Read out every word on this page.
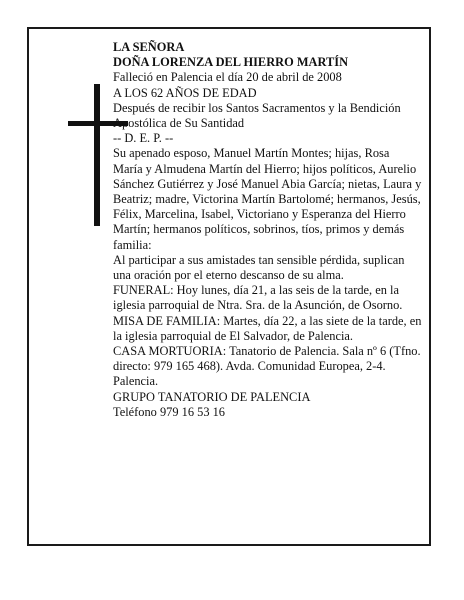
LA SEÑORA

DOÑA LORENZA DEL HIERRO MARTÍN

Falleció en Palencia el día 20 de abril de 2008

A LOS 62 AÑOS DE EDAD

Después de recibir los Santos Sacramentos y la Bendición Apostólica de Su Santidad

-- D. E. P. --

Su apenado esposo, Manuel Martín Montes; hijas, Rosa María y Almudena Martín del Hierro; hijos políticos, Aurelio Sánchez Gutiérrez y José Manuel Abia García; nietas, Laura y Beatriz; madre, Victorina Martín Bartolomé; hermanos, Jesús, Félix, Marcelina, Isabel, Victoriano y Esperanza del Hierro Martín; hermanos políticos, sobrinos, tíos, primos y demás familia:

Al participar a sus amistades tan sensible pérdida, suplican una oración por el eterno descanso de su alma.

FUNERAL: Hoy lunes, día 21, a las seis de la tarde, en la iglesia parroquial de Ntra. Sra. de la Asunción, de Osorno.

MISA DE FAMILIA: Martes, día 22, a las siete de la tarde, en la iglesia parroquial de El Salvador, de Palencia.

CASA MORTUORIA: Tanatorio de Palencia. Sala nº 6 (Tfno. directo: 979 165 468). Avda. Comunidad Europea, 2-4. Palencia.

GRUPO TANATORIO DE PALENCIA

Teléfono 979 16 53 16
